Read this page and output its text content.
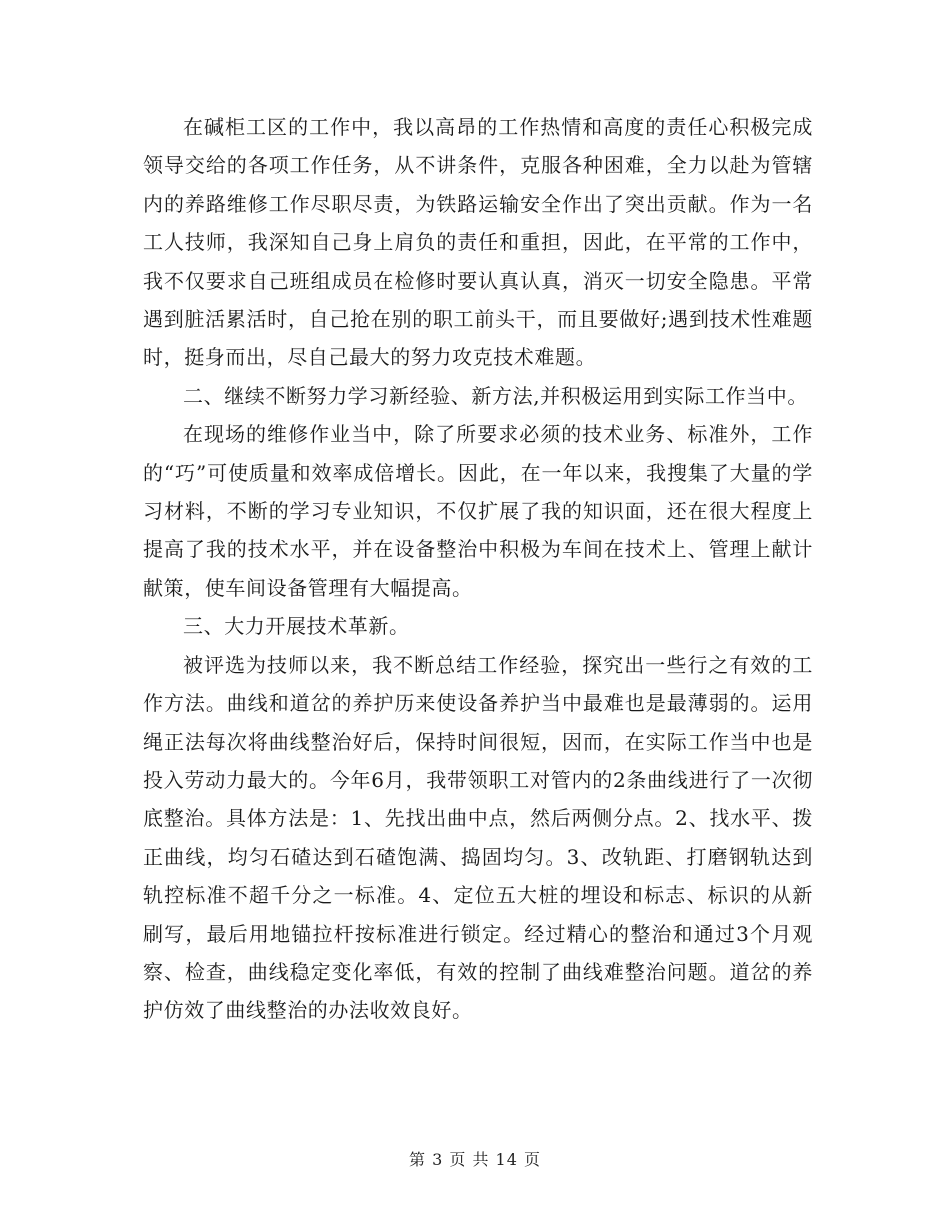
在碱柜工区的工作中，我以高昂的工作热情和高度的责任心积极完成领导交给的各项工作任务，从不讲条件，克服各种困难，全力以赴为管辖内的养路维修工作尽职尽责，为铁路运输安全作出了突出贡献。作为一名工人技师，我深知自己身上肩负的责任和重担，因此，在平常的工作中，我不仅要求自己班组成员在检修时要认真认真，消灭一切安全隐患。平常遇到脏活累活时，自己抢在别的职工前头干，而且要做好;遇到技术性难题时，挺身而出，尽自己最大的努力攻克技术难题。

二、继续不断努力学习新经验、新方法,并积极运用到实际工作当中。

在现场的维修作业当中，除了所要求必须的技术业务、标准外，工作的“巧”可使质量和效率成倍增长。因此，在一年以来，我搜集了大量的学习材料，不断的学习专业知识，不仅扩展了我的知识面，还在很大程度上提高了我的技术水平，并在设备整治中积极为车间在技术上、管理上献计献策，使车间设备管理有大幅提高。

三、大力开展技术革新。

被评选为技师以来，我不断总结工作经验，探究出一些行之有效的工作方法。曲线和道岔的养护历来使设备养护当中最难也是最薄弱的。运用绳正法每次将曲线整治好后，保持时间很短，因而，在实际工作当中也是投入劳动力最大的。今年6月，我带领职工对管内的2条曲线进行了一次彻底整治。具体方法是：1、先找出曲中点，然后两侧分点。2、找水平、拨正曲线，均匀石碴达到石碴饱满、捣固均匀。3、改轨距、打磨钢轨达到轨控标准不超千分之一标准。4、定位五大桩的埋设和标志、标识的从新刷写，最后用地锚拉杆按标准进行锁定。经过精心的整治和通过3个月观察、检查，曲线稳定变化率低，有效的控制了曲线难整治问题。道岔的养护仿效了曲线整治的办法收效良好。

第 3 页 共 14 页
